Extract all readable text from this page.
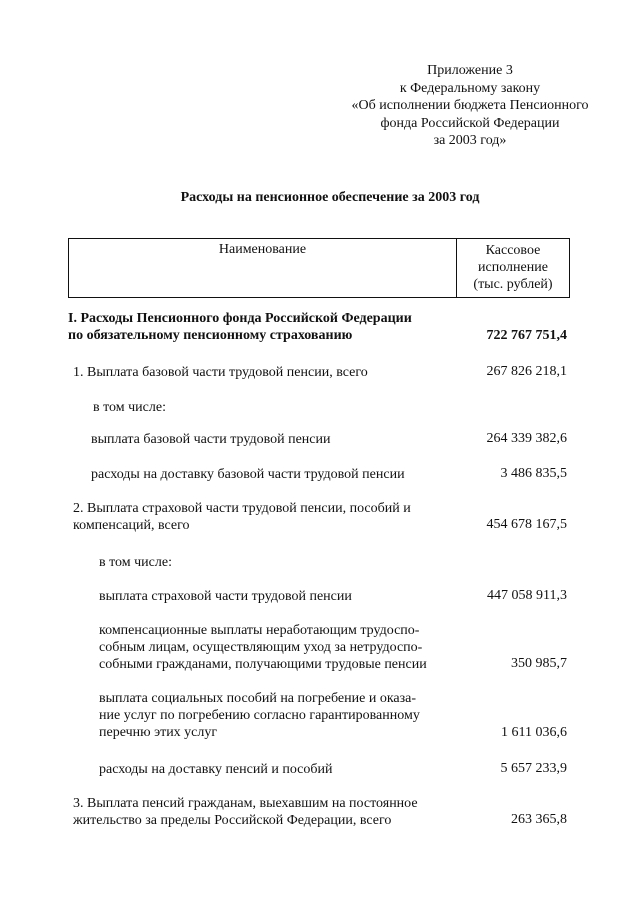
Приложение 3
к Федеральному закону
«Об исполнении бюджета Пенсионного
фонда Российской Федерации
за 2003 год»
Расходы на пенсионное обеспечение за 2003 год
Наименование	Кассовое
исполнение
(тыс. рублей)
I. Расходы Пенсионного фонда Российской Федерации
по обязательному пенсионному страхованию	722 767 751,4
1. Выплата базовой части трудовой пенсии, всего	267 826 218,1
в том числе:
выплата базовой части трудовой пенсии	264 339 382,6
расходы на доставку базовой части трудовой пенсии	3 486 835,5
2. Выплата страховой части трудовой пенсии, пособий и
компенсаций, всего	454 678 167,5
в том числе:
выплата страховой части трудовой пенсии	447 058 911,3
компенсационные выплаты неработающим трудоспо-
собным лицам, осуществляющим уход за нетрудоспо-
собными гражданами, получающими трудовые пенсии	350 985,7
выплата социальных пособий на погребение и оказа-
ние услуг по погребению согласно гарантированному
перечню этих услуг	1 611 036,6
расходы на доставку пенсий и пособий	5 657 233,9
3. Выплата пенсий гражданам, выехавшим на постоянное
жительство за пределы Российской Федерации, всего	263 365,8
